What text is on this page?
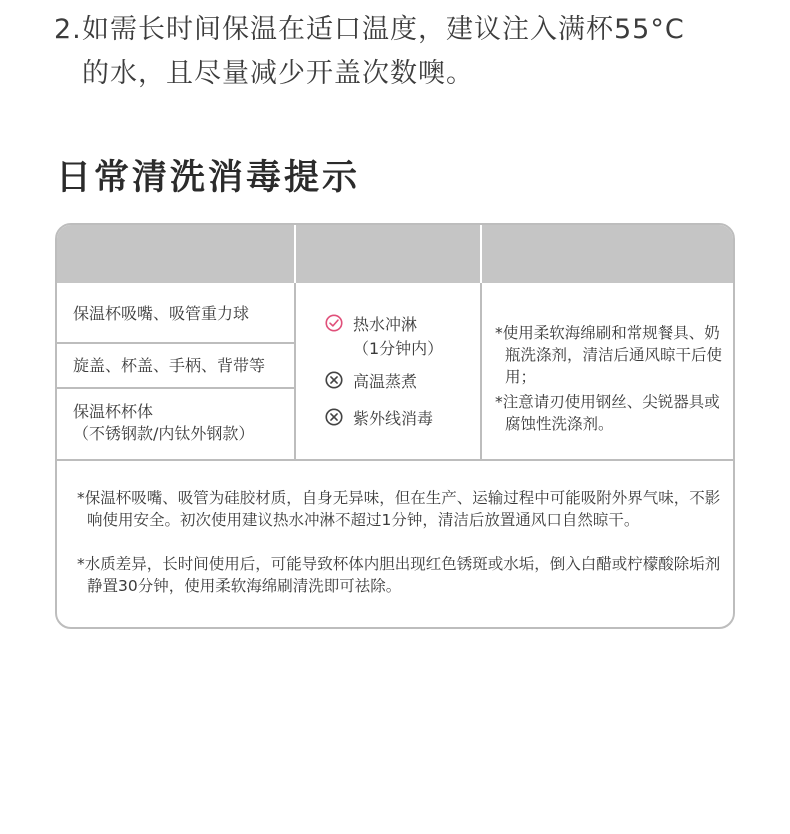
2.如需长时间保温在适口温度，建议注入满杯55°C
的水，且尽量减少开盖次数噢。
日常清洗消毒提示
保温杯吸嘴、吸管重力球
旋盖、杯盖、手柄、背带等
保温杯杯体
（不锈钢款/内钛外钢款）
热水冲淋
（1分钟内）
高温蒸煮
紫外线消毒
*使用柔软海绵刷和常规餐具、奶瓶洗涤剂，清洁后通风晾干后使用；
*注意请刃使用钢丝、尖锐器具或腐蚀性洗涤剂。
*保温杯吸嘴、吸管为硅胶材质，自身无异味，但在生产、运输过程中可能吸附外界气味，不影响使用安全。初次使用建议热水冲淋不超过1分钟，清洁后放置通风口自然晾干。
*水质差异，长时间使用后，可能导致杯体内胆出现红色锈斑或水垢，倒入白醋或柠檬酸除垢剂静置30分钟，使用柔软海绵刷清洗即可祛除。
